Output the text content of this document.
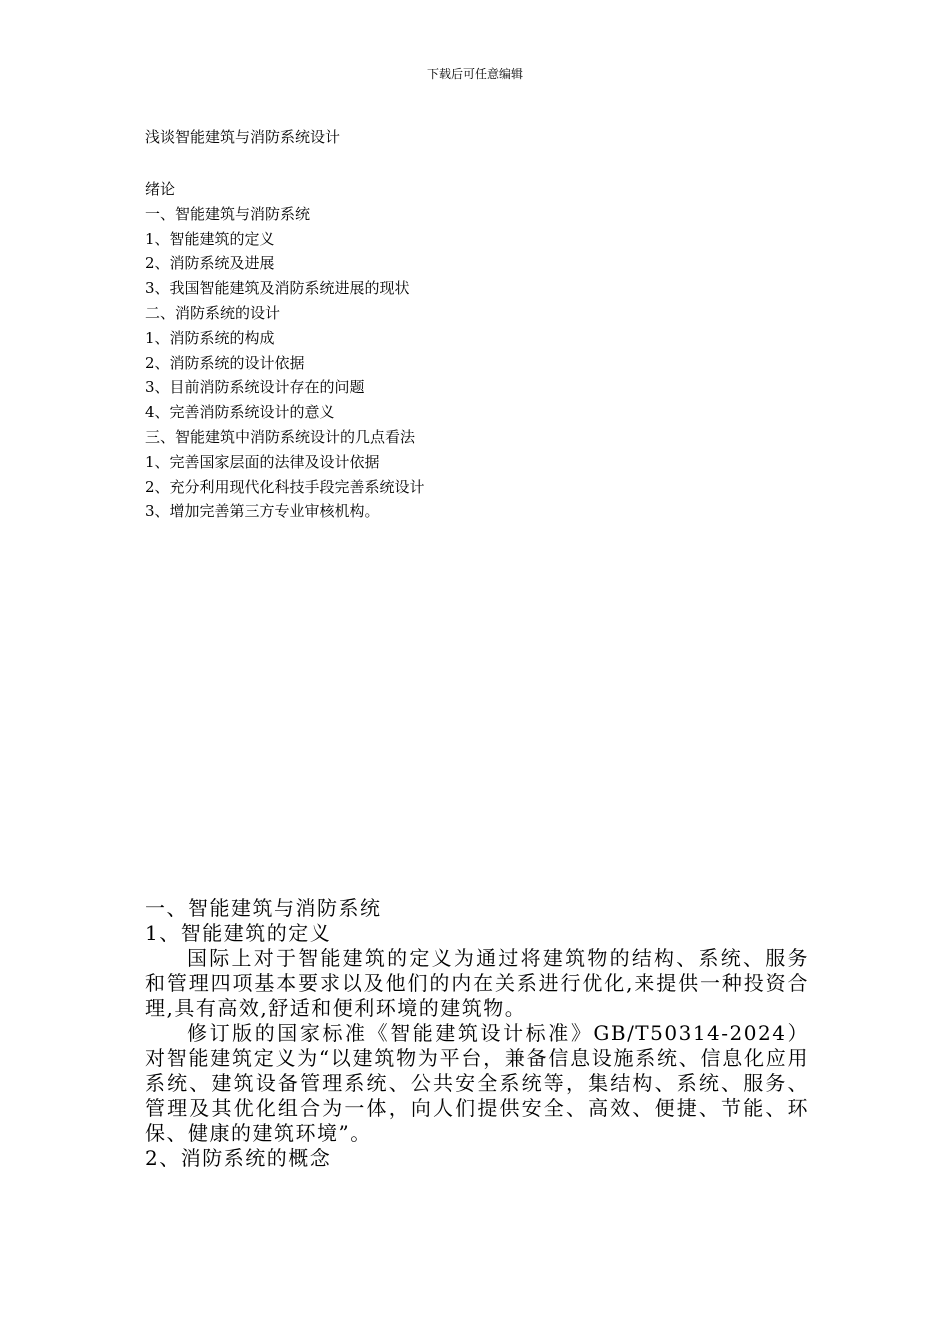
下载后可任意编辑
浅谈智能建筑与消防系统设计
绪论
一、智能建筑与消防系统
1、智能建筑的定义
2、消防系统及进展
3、我国智能建筑及消防系统进展的现状
二、消防系统的设计
1、消防系统的构成
2、消防系统的设计依据
3、目前消防系统设计存在的问题
4、完善消防系统设计的意义
三、智能建筑中消防系统设计的几点看法
1、完善国家层面的法律及设计依据
2、充分利用现代化科技手段完善系统设计
3、增加完善第三方专业审核机构。
一、智能建筑与消防系统
1、智能建筑的定义

国际上对于智能建筑的定义为通过将建筑物的结构、系统、服务和管理四项基本要求以及他们的内在关系进行优化,来提供一种投资合理,具有高效,舒适和便利环境的建筑物。

修订版的国家标准《智能建筑设计标准》GB/T50314-2024）对智能建筑定义为“以建筑物为平台，兼备信息设施系统、信息化应用系统、建筑设备管理系统、公共安全系统等，集结构、系统、服务、管理及其优化组合为一体，向人们提供安全、高效、便捷、节能、环保、健康的建筑环境”。

2、消防系统的概念
